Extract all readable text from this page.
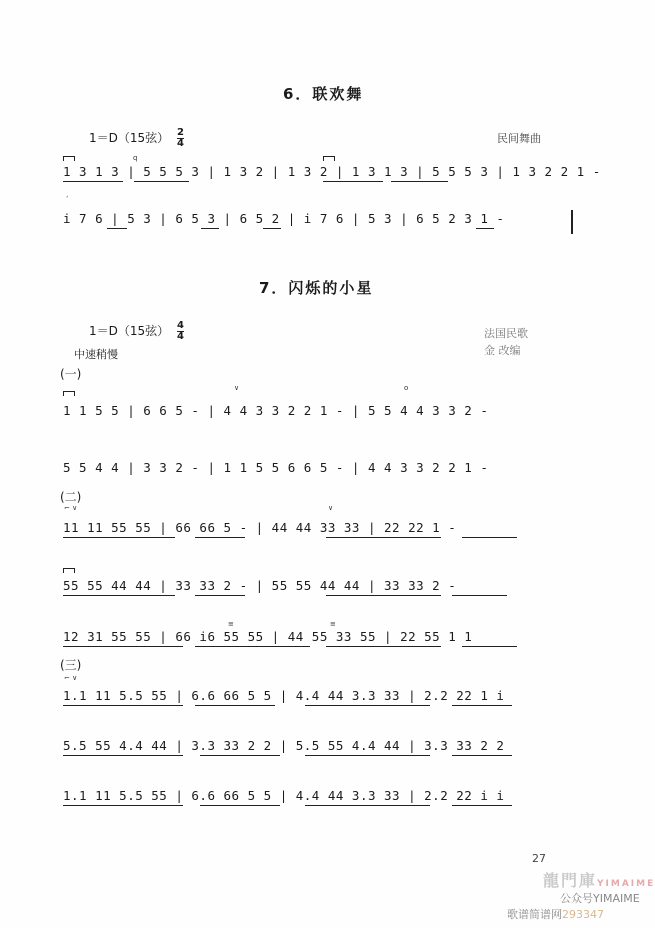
6．联欢舞
1＝D（15弦） $\frac{2}{4}$	民间舞曲
q
1 3 1 3 | 5 5 5 3 | 1 3 2 | 1 3 2 | 1 3 1 3 | 5 5 5 3 | 1 3 2 2 1 -
ʼ
i 7 6 | 5 3 | 6 5 3 | 6 5 2 | i 7 6 | 5 3 | 6 5 2 3 1 -
7．闪烁的小星
1＝D（15弦） $\frac{4}{4}$	法国民歌
金 改编
中速稍慢
(一)
∨	o
1 1 5 5 | 6 6 5 - | 4 4 3 3 2 2 1 - | 5 5 4 4 3 3 2 -
5 5 4 4 | 3 3 2 - | 1 1 5 5 6 6 5 - | 4 4 3 3 2 2 1 -
(二)
⌐ ∨	∨
11 11 55 55 | 66 66 5 - | 44 44 33 33 | 22 22 1 -
55 55 44 44 | 33 33 2 - | 55 55 44 44 | 33 33 2 -
≡	≡
12 31 55 55 | 66 i6 55 55 | 44 55 33 55 | 22 55 1 1
(三)
⌐ ∨
1.1 11 5.5 55 | 6.6 66 5 5 | 4.4 44 3.3 33 | 2.2 22 1 i
5.5 55 4.4 44 | 3.3 33 2 2 | 5.5 55 4.4 44 | 3.3 33 2 2
1.1 11 5.5 55 | 6.6 66 5 5 | 4.4 44 3.3 33 | 2.2 22 i i
27
龍門庫YIMAIME
公众号YIMAIME
歌谱简谱网293347
